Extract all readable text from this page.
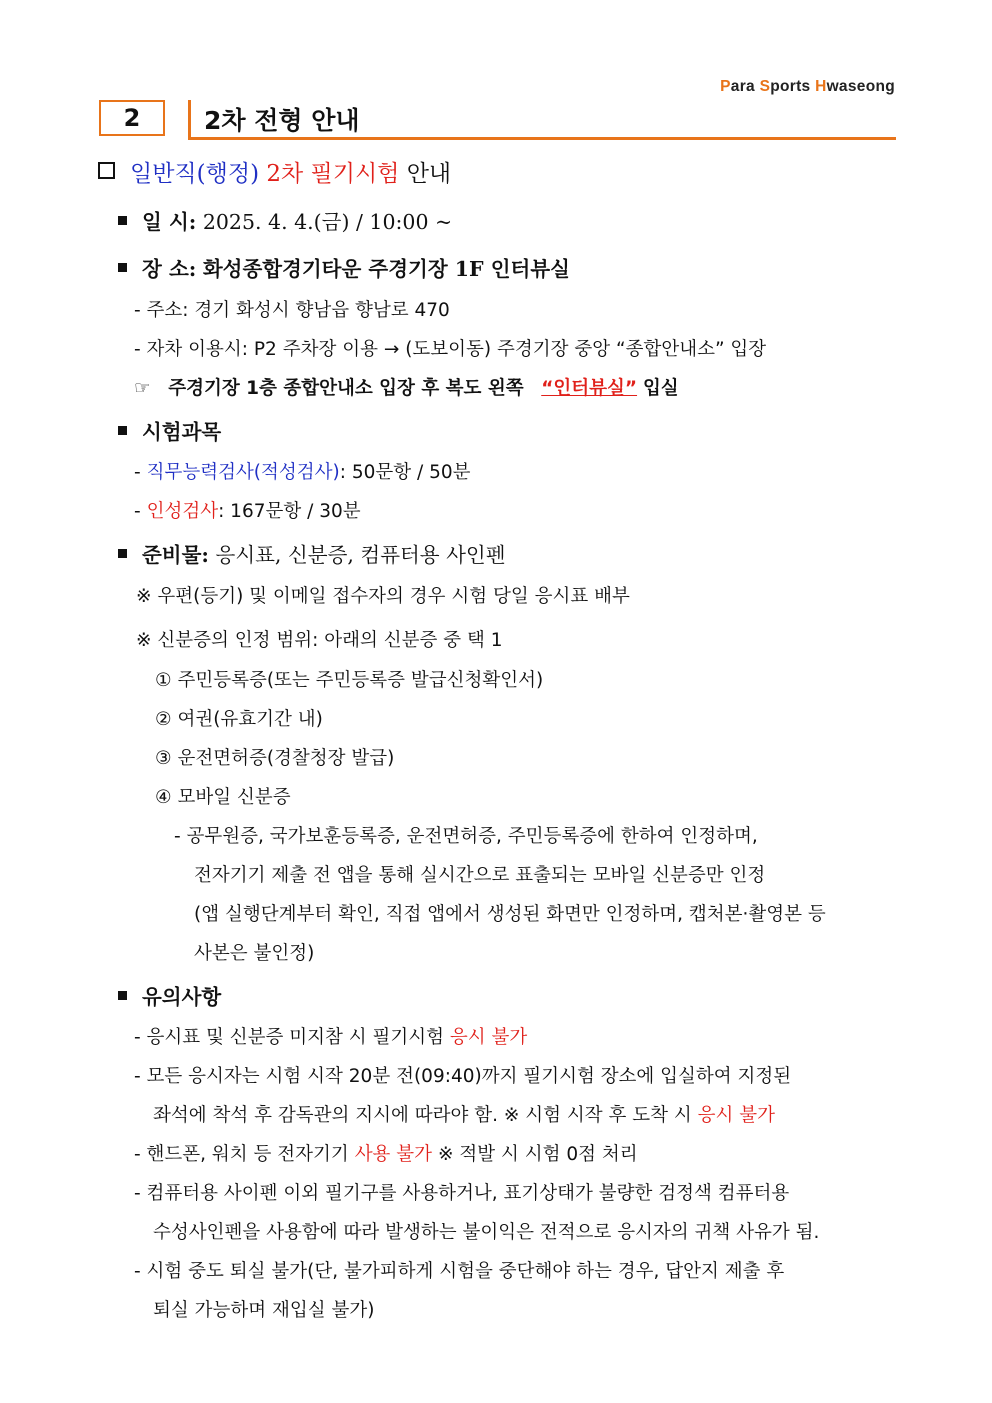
Para Sports Hwaseong
2	2차 전형 안내
일반직(행정) 2차 필기시험 안내
일 시: 2025. 4. 4.(금) / 10:00 ~
장 소: 화성종합경기타운 주경기장 1F 인터뷰실
- 주소: 경기 화성시 향남읍 향남로 470
- 자차 이용시: P2 주차장 이용 → (도보이동) 주경기장 중앙 “종합안내소” 입장
☞ 주경기장 1층 종합안내소 입장 후 복도 왼쪽 “인터뷰실” 입실
시험과목
- 직무능력검사(적성검사): 50문항 / 50분
- 인성검사: 167문항 / 30분
준비물: 응시표, 신분증, 컴퓨터용 사인펜
※ 우편(등기) 및 이메일 접수자의 경우 시험 당일 응시표 배부
※ 신분증의 인정 범위: 아래의 신분증 중 택 1
① 주민등록증(또는 주민등록증 발급신청확인서)
② 여권(유효기간 내)
③ 운전면허증(경찰청장 발급)
④ 모바일 신분증
- 공무원증, 국가보훈등록증, 운전면허증, 주민등록증에 한하여 인정하며,
전자기기 제출 전 앱을 통해 실시간으로 표출되는 모바일 신분증만 인정
(앱 실행단계부터 확인, 직접 앱에서 생성된 화면만 인정하며, 캡처본·촬영본 등
사본은 불인정)
유의사항
- 응시표 및 신분증 미지참 시 필기시험 응시 불가
- 모든 응시자는 시험 시작 20분 전(09:40)까지 필기시험 장소에 입실하여 지정된
좌석에 착석 후 감독관의 지시에 따라야 함. ※ 시험 시작 후 도착 시 응시 불가
- 핸드폰, 워치 등 전자기기 사용 불가 ※ 적발 시 시험 0점 처리
- 컴퓨터용 사이펜 이외 필기구를 사용하거나, 표기상태가 불량한 검정색 컴퓨터용
수성사인펜을 사용함에 따라 발생하는 불이익은 전적으로 응시자의 귀책 사유가 됨.
- 시험 중도 퇴실 불가(단, 불가피하게 시험을 중단해야 하는 경우, 답안지 제출 후
퇴실 가능하며 재입실 불가)
